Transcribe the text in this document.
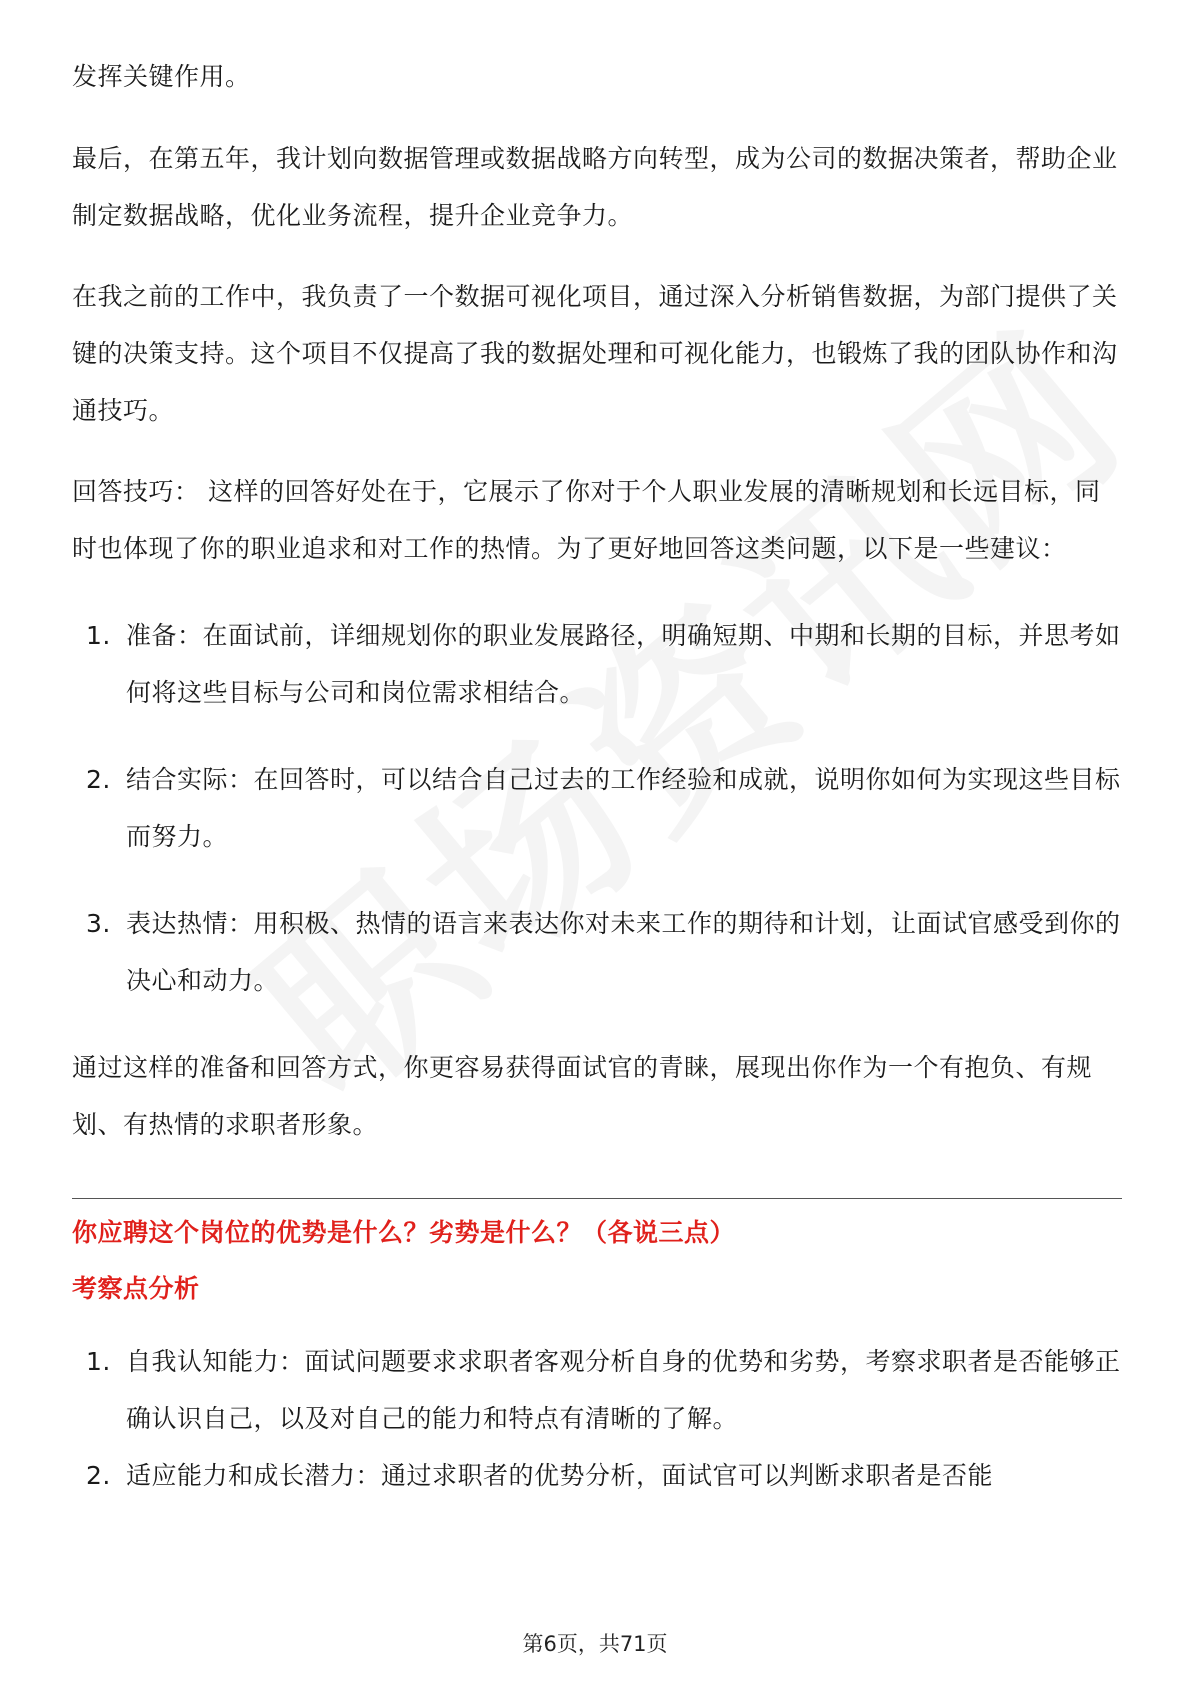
发挥关键作用。

最后，在第五年，我计划向数据管理或数据战略方向转型，成为公司的数据决策者，帮助企业制定数据战略，优化业务流程，提升企业竞争力。

在我之前的工作中，我负责了一个数据可视化项目，通过深入分析销售数据，为部门提供了关键的决策支持。这个项目不仅提高了我的数据处理和可视化能力，也锻炼了我的团队协作和沟通技巧。

回答技巧： 这样的回答好处在于，它展示了你对于个人职业发展的清晰规划和长远目标，同时也体现了你的职业追求和对工作的热情。为了更好地回答这类问题，以下是一些建议：

1. 准备：在面试前，详细规划你的职业发展路径，明确短期、中期和长期的目标，并思考如何将这些目标与公司和岗位需求相结合。
2. 结合实际：在回答时，可以结合自己过去的工作经验和成就，说明你如何为实现这些目标而努力。
3. 表达热情：用积极、热情的语言来表达你对未来工作的期待和计划，让面试官感受到你的决心和动力。

通过这样的准备和回答方式，你更容易获得面试官的青睐，展现出你作为一个有抱负、有规划、有热情的求职者形象。

你应聘这个岗位的优势是什么？劣势是什么？（各说三点）
考察点分析
1. 自我认知能力：面试问题要求求职者客观分析自身的优势和劣势，考察求职者是否能够正确认识自己，以及对自己的能力和特点有清晰的了解。
2. 适应能力和成长潜力：通过求职者的优势分析，面试官可以判断求职者是否能
第6页，共71页
